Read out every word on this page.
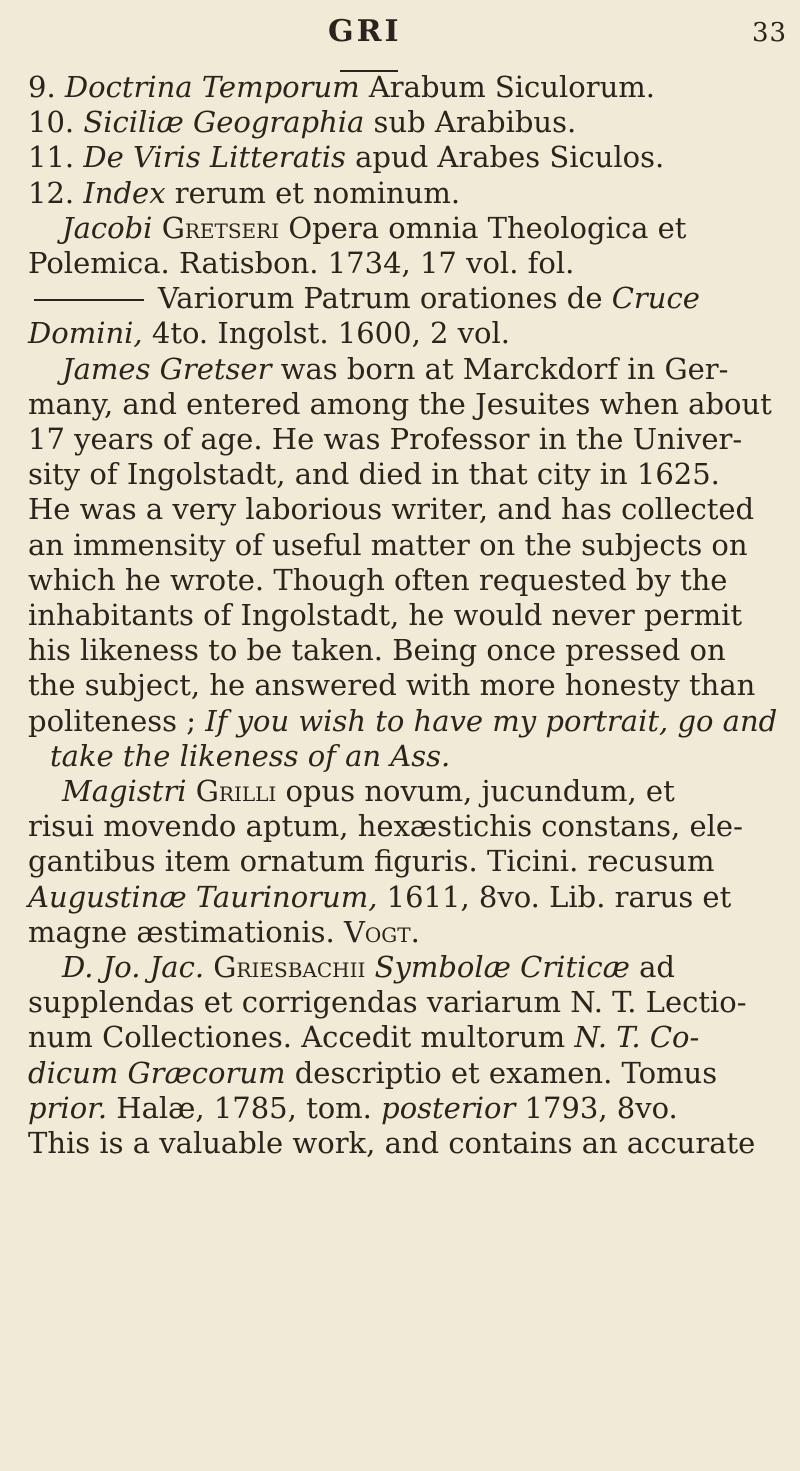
GRI	33
9. Doctrina Temporum Arabum Siculorum.
10. Siciliæ Geographia sub Arabibus.
11. De Viris Litteratis apud Arabes Siculos.
12. Index rerum et nominum.
Jacobi Gretseri Opera omnia Theologica et
Polemica. Ratisbon. 1734, 17 vol. fol.
Variorum Patrum orationes de Cruce
Domini, 4to. Ingolst. 1600, 2 vol.
James Gretser was born at Marckdorf in Ger-
many, and entered among the Jesuites when about
17 years of age. He was Professor in the Univer-
sity of Ingolstadt, and died in that city in 1625.
He was a very laborious writer, and has collected
an immensity of useful matter on the subjects on
which he wrote. Though often requested by the
inhabitants of Ingolstadt, he would never permit
his likeness to be taken. Being once pressed on
the subject, he answered with more honesty than
politeness ; If you wish to have my portrait, go and
take the likeness of an Ass.
Magistri Grilli opus novum, jucundum, et
risui movendo aptum, hexæstichis constans, ele-
gantibus item ornatum figuris. Ticini. recusum
Augustinæ Taurinorum, 1611, 8vo. Lib. rarus et
magne æstimationis. Vogt.
D. Jo. Jac. Griesbachii Symbolæ Criticæ ad
supplendas et corrigendas variarum N. T. Lectio-
num Collectiones. Accedit multorum N. T. Co-
dicum Græcorum descriptio et examen. Tomus
prior. Halæ, 1785, tom. posterior 1793, 8vo.
This is a valuable work, and contains an accurate
